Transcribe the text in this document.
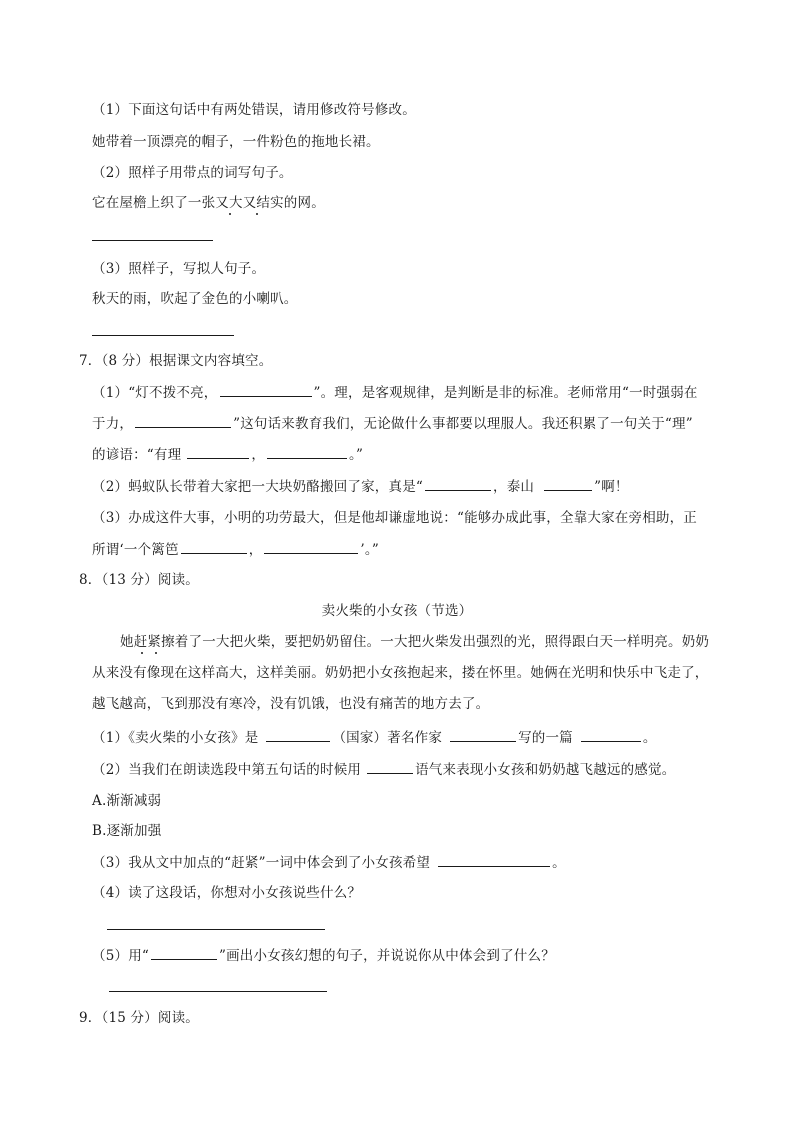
（1）下面这句话中有两处错误，请用修改符号修改。
她带着一顶漂亮的帽子，一件粉色的拖地长裙。
（2）照样子用带点的词写句子。
它在屋檐上织了一张又大又结实的网。
（3）照样子，写拟人句子。
秋天的雨，吹起了金色的小喇叭。
7．（8 分）根据课文内容填空。
（1）“灯不拨不亮，	”。理，是客观规律，是判断是非的标准。老师常用“一时强弱在
于力，	”这句话来教育我们，无论做什么事都要以理服人。我还积累了一句关于“理”
的谚语：“有理	，	。”
（2）蚂蚁队长带着大家把一大块奶酪搬回了家，真是“	，泰山	”啊！
（3）办成这件大事，小明的功劳最大，但是他却谦虚地说：“能够办成此事，全靠大家在旁相助，正
所谓‘一个篱笆	，	’。”
8．（13 分）阅读。
卖火柴的小女孩（节选）
她赶紧擦着了一大把火柴，要把奶奶留住。一大把火柴发出强烈的光，照得跟白天一样明亮。奶奶
从来没有像现在这样高大，这样美丽。奶奶把小女孩抱起来，搂在怀里。她俩在光明和快乐中飞走了，
越飞越高，飞到那没有寒冷，没有饥饿，也没有痛苦的地方去了。
（1）《卖火柴的小女孩》是	（国家）著名作家	写的一篇	。
（2）当我们在朗读选段中第五句话的时候用	语气来表现小女孩和奶奶越飞越远的感觉。
A.渐渐减弱
B.逐渐加强
（3）我从文中加点的“赶紧”一词中体会到了小女孩希望	。
（4）读了这段话，你想对小女孩说些什么？
（5）用“	”画出小女孩幻想的句子，并说说你从中体会到了什么？
9．（15 分）阅读。
